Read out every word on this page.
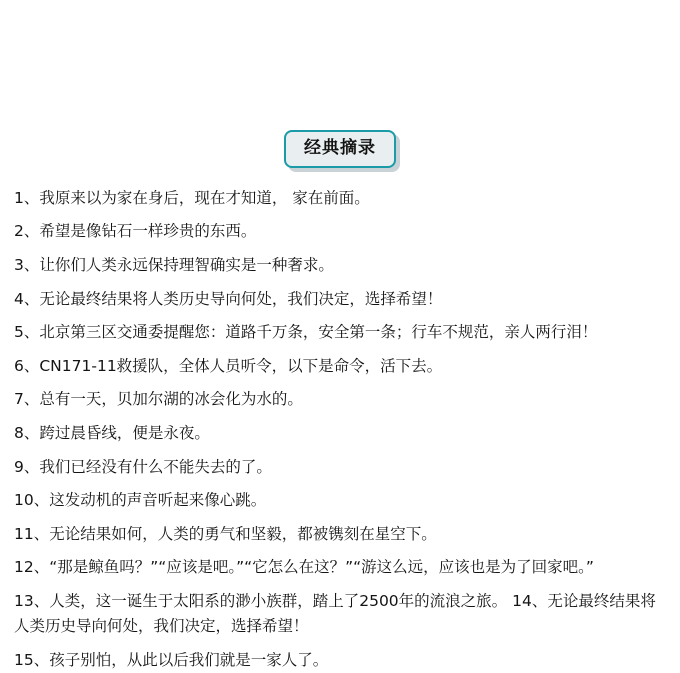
经典摘录
1、我原来以为家在身后，现在才知道， 家在前面。
2、希望是像钻石一样珍贵的东西。
3、让你们人类永远保持理智确实是一种奢求。
4、无论最终结果将人类历史导向何处，我们决定，选择希望！
5、北京第三区交通委提醒您：道路千万条，安全第一条；行车不规范，亲人两行泪！
6、CN171-11救援队，全体人员听令，以下是命令，活下去。
7、总有一天，贝加尔湖的冰会化为水的。
8、跨过晨昏线，便是永夜。
9、我们已经没有什么不能失去的了。
10、这发动机的声音听起来像心跳。
11、无论结果如何，人类的勇气和坚毅，都被镌刻在星空下。
12、“那是鲸鱼吗？”“应该是吧。”“它怎么在这？”“游这么远，应该也是为了回家吧。”
13、人类，这一诞生于太阳系的渺小族群，踏上了2500年的流浪之旅。 14、无论最终结果将人类历史导向何处，我们决定，选择希望！
15、孩子别怕，从此以后我们就是一家人了。
